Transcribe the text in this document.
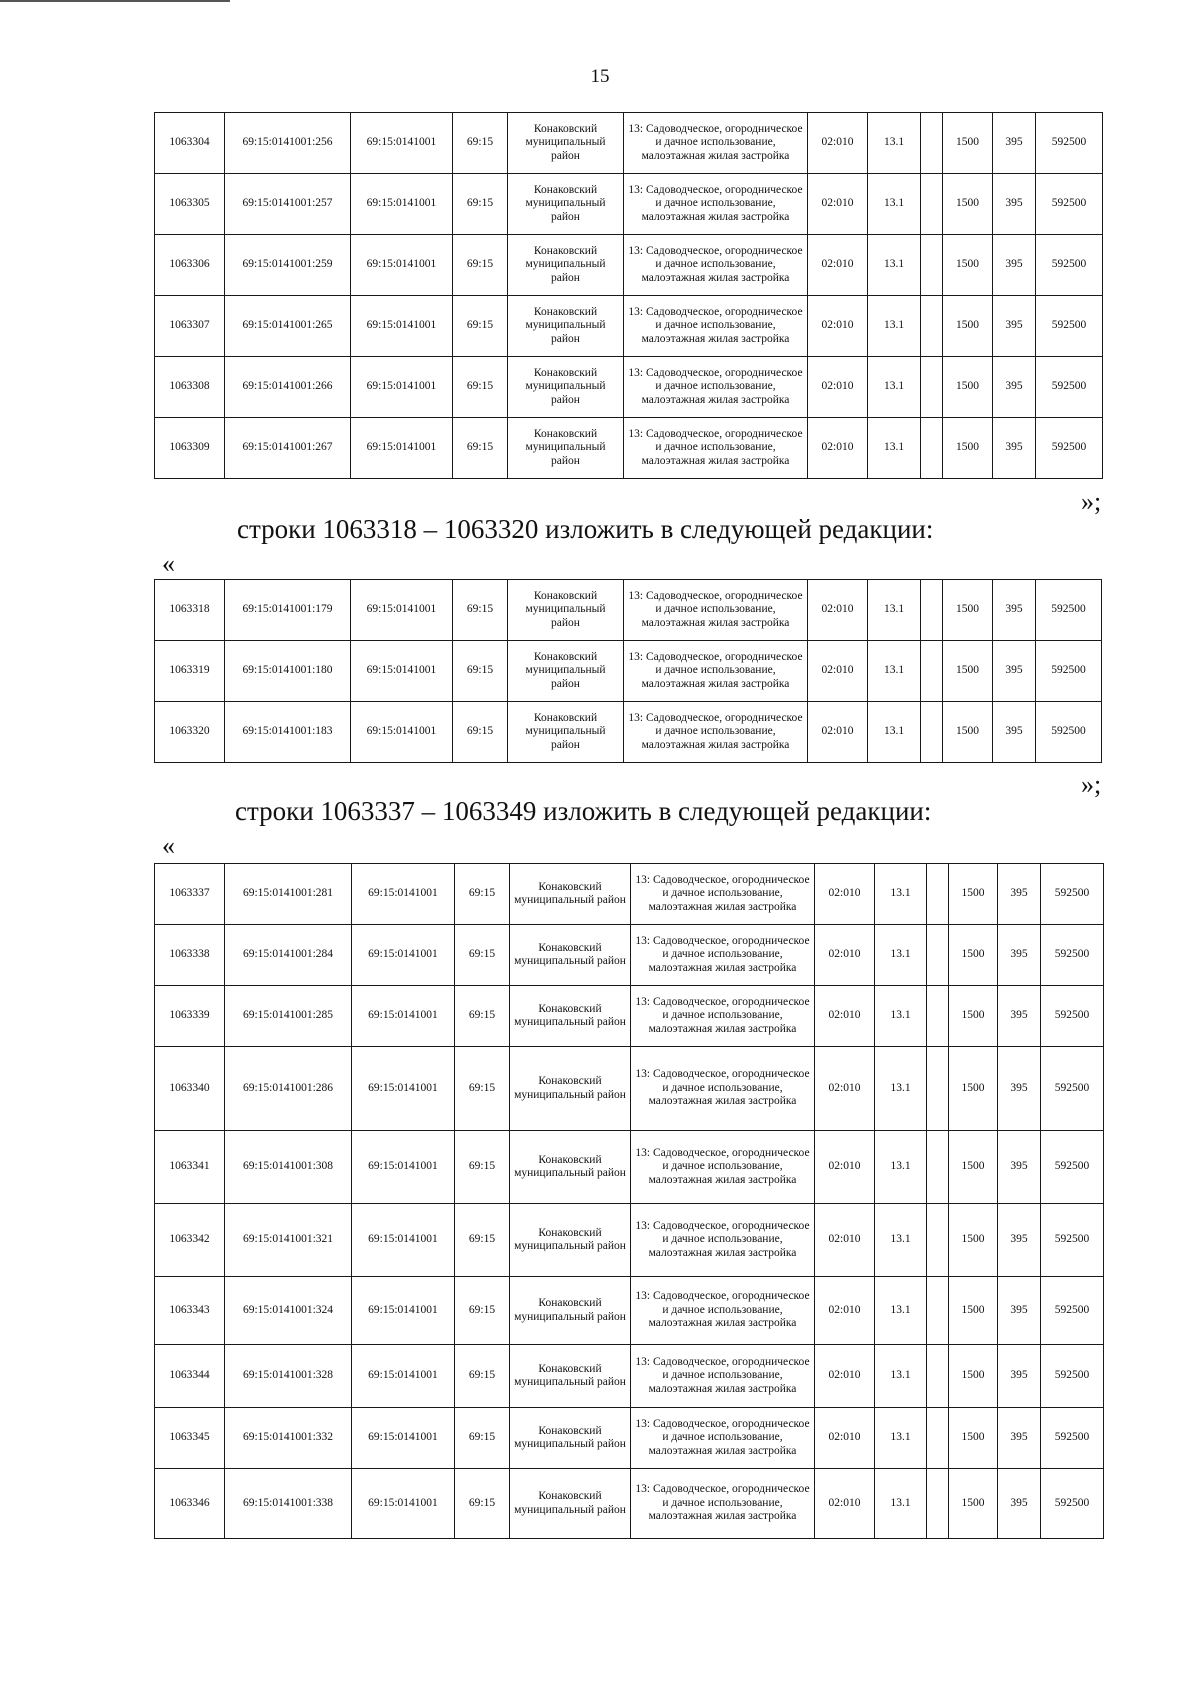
15
1063304	69:15:0141001:256	69:15:0141001	69:15	Конаковский муниципальный район	13: Садоводческое, огородническое и дачное использование, малоэтажная жилая застройка	02:010	13.1		1500	395	592500
1063305	69:15:0141001:257	69:15:0141001	69:15	Конаковский муниципальный район	13: Садоводческое, огородническое и дачное использование, малоэтажная жилая застройка	02:010	13.1		1500	395	592500
1063306	69:15:0141001:259	69:15:0141001	69:15	Конаковский муниципальный район	13: Садоводческое, огородническое и дачное использование, малоэтажная жилая застройка	02:010	13.1		1500	395	592500
1063307	69:15:0141001:265	69:15:0141001	69:15	Конаковский муниципальный район	13: Садоводческое, огородническое и дачное использование, малоэтажная жилая застройка	02:010	13.1		1500	395	592500
1063308	69:15:0141001:266	69:15:0141001	69:15	Конаковский муниципальный район	13: Садоводческое, огородническое и дачное использование, малоэтажная жилая застройка	02:010	13.1		1500	395	592500
1063309	69:15:0141001:267	69:15:0141001	69:15	Конаковский муниципальный район	13: Садоводческое, огородническое и дачное использование, малоэтажная жилая застройка	02:010	13.1		1500	395	592500
»;
строки 1063318 – 1063320 изложить в следующей редакции:
«
1063318	69:15:0141001:179	69:15:0141001	69:15	Конаковский муниципальный район	13: Садоводческое, огородническое и дачное использование, малоэтажная жилая застройка	02:010	13.1		1500	395	592500
1063319	69:15:0141001:180	69:15:0141001	69:15	Конаковский муниципальный район	13: Садоводческое, огородническое и дачное использование, малоэтажная жилая застройка	02:010	13.1		1500	395	592500
1063320	69:15:0141001:183	69:15:0141001	69:15	Конаковский муниципальный район	13: Садоводческое, огородническое и дачное использование, малоэтажная жилая застройка	02:010	13.1		1500	395	592500
»;
строки 1063337 – 1063349 изложить в следующей редакции:
«
1063337	69:15:0141001:281	69:15:0141001	69:15	Конаковский муниципальный район	13: Садоводческое, огородническое и дачное использование, малоэтажная жилая застройка	02:010	13.1		1500	395	592500
1063338	69:15:0141001:284	69:15:0141001	69:15	Конаковский муниципальный район	13: Садоводческое, огородническое и дачное использование, малоэтажная жилая застройка	02:010	13.1		1500	395	592500
1063339	69:15:0141001:285	69:15:0141001	69:15	Конаковский муниципальный район	13: Садоводческое, огородническое и дачное использование, малоэтажная жилая застройка	02:010	13.1		1500	395	592500
1063340	69:15:0141001:286	69:15:0141001	69:15	Конаковский муниципальный район	13: Садоводческое, огородническое и дачное использование, малоэтажная жилая застройка	02:010	13.1		1500	395	592500
1063341	69:15:0141001:308	69:15:0141001	69:15	Конаковский муниципальный район	13: Садоводческое, огородническое и дачное использование, малоэтажная жилая застройка	02:010	13.1		1500	395	592500
1063342	69:15:0141001:321	69:15:0141001	69:15	Конаковский муниципальный район	13: Садоводческое, огородническое и дачное использование, малоэтажная жилая застройка	02:010	13.1		1500	395	592500
1063343	69:15:0141001:324	69:15:0141001	69:15	Конаковский муниципальный район	13: Садоводческое, огородническое и дачное использование, малоэтажная жилая застройка	02:010	13.1		1500	395	592500
1063344	69:15:0141001:328	69:15:0141001	69:15	Конаковский муниципальный район	13: Садоводческое, огородническое и дачное использование, малоэтажная жилая застройка	02:010	13.1		1500	395	592500
1063345	69:15:0141001:332	69:15:0141001	69:15	Конаковский муниципальный район	13: Садоводческое, огородническое и дачное использование, малоэтажная жилая застройка	02:010	13.1		1500	395	592500
1063346	69:15:0141001:338	69:15:0141001	69:15	Конаковский муниципальный район	13: Садоводческое, огородническое и дачное использование, малоэтажная жилая застройка	02:010	13.1		1500	395	592500
